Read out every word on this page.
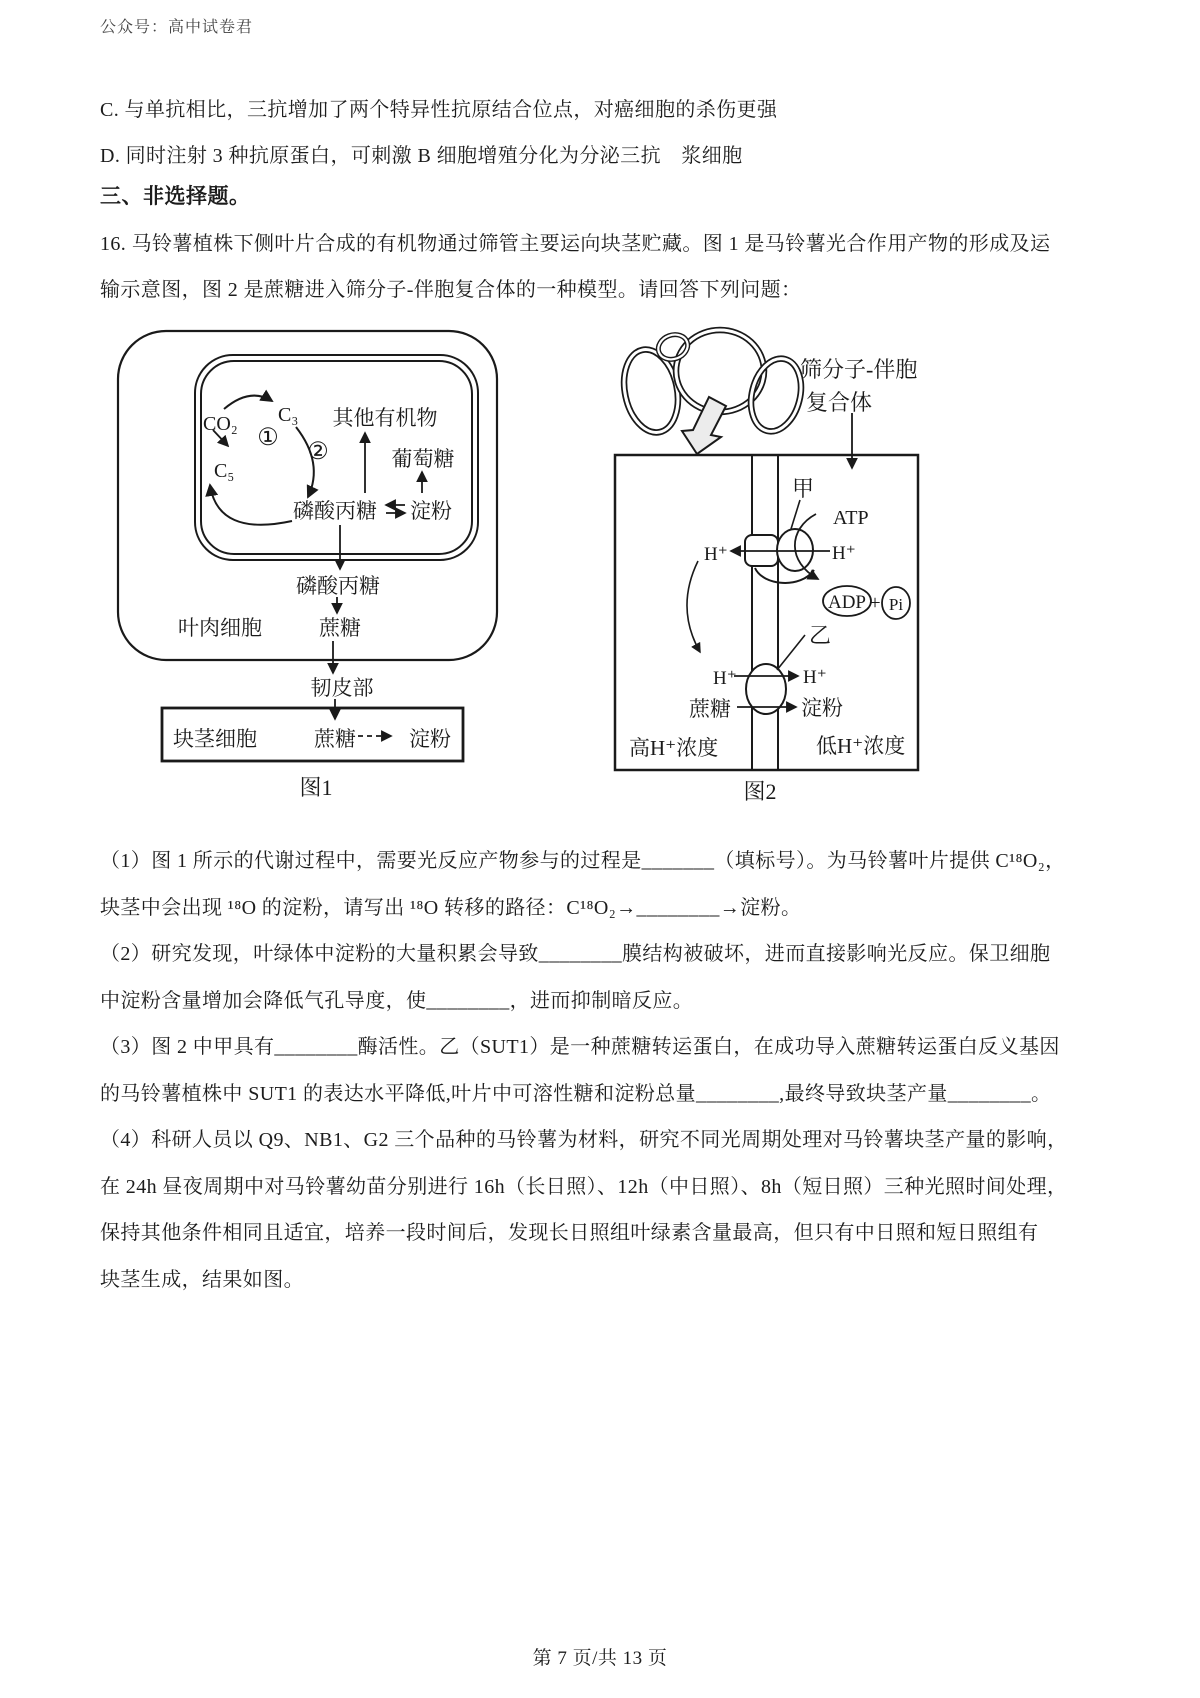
公众号：高中试卷君
C. 与单抗相比，三抗增加了两个特异性抗原结合位点，对癌细胞的杀伤更强
D. 同时注射 3 种抗原蛋白，可刺激 B 细胞增殖分化为分泌三抗　浆细胞
三、非选择题。
16. 马铃薯植株下侧叶片合成的有机物通过筛管主要运向块茎贮藏。图 1 是马铃薯光合作用产物的形成及运
输示意图，图 2 是蔗糖进入筛分子-伴胞复合体的一种模型。请回答下列问题：
CO₂ C₃
C₅
①
②
其他有机物
葡萄糖
磷酸丙糖 淀粉
磷酸丙糖
叶肉细胞	蔗糖
韧皮部
块茎细胞	蔗糖	淀粉
图1
筛分子-伴胞
复合体
甲
ATP
H⁺	H⁺
ADP + Pi
乙
H⁺	H⁺
蔗糖	淀粉
高H⁺浓度	低H⁺浓度
图2
（1）图 1 所示的代谢过程中，需要光反应产物参与的过程是_______（填标号）。为马铃薯叶片提供 C¹⁸O₂，
块茎中会出现 ¹⁸O 的淀粉，请写出 ¹⁸O 转移的路径：C¹⁸O₂→________→淀粉。
（2）研究发现，叶绿体中淀粉的大量积累会导致________膜结构被破坏，进而直接影响光反应。保卫细胞
中淀粉含量增加会降低气孔导度，使________，进而抑制暗反应。
（3）图 2 中甲具有________酶活性。乙（SUT1）是一种蔗糖转运蛋白，在成功导入蔗糖转运蛋白反义基因
的马铃薯植株中 SUT1 的表达水平降低,叶片中可溶性糖和淀粉总量________,最终导致块茎产量________。
（4）科研人员以 Q9、NB1、G2 三个品种的马铃薯为材料，研究不同光周期处理对马铃薯块茎产量的影响，
在 24h 昼夜周期中对马铃薯幼苗分别进行 16h（长日照）、12h（中日照）、8h（短日照）三种光照时间处理，
保持其他条件相同且适宜，培养一段时间后，发现长日照组叶绿素含量最高，但只有中日照和短日照组有
块茎生成，结果如图。
第 7 页/共 13 页
